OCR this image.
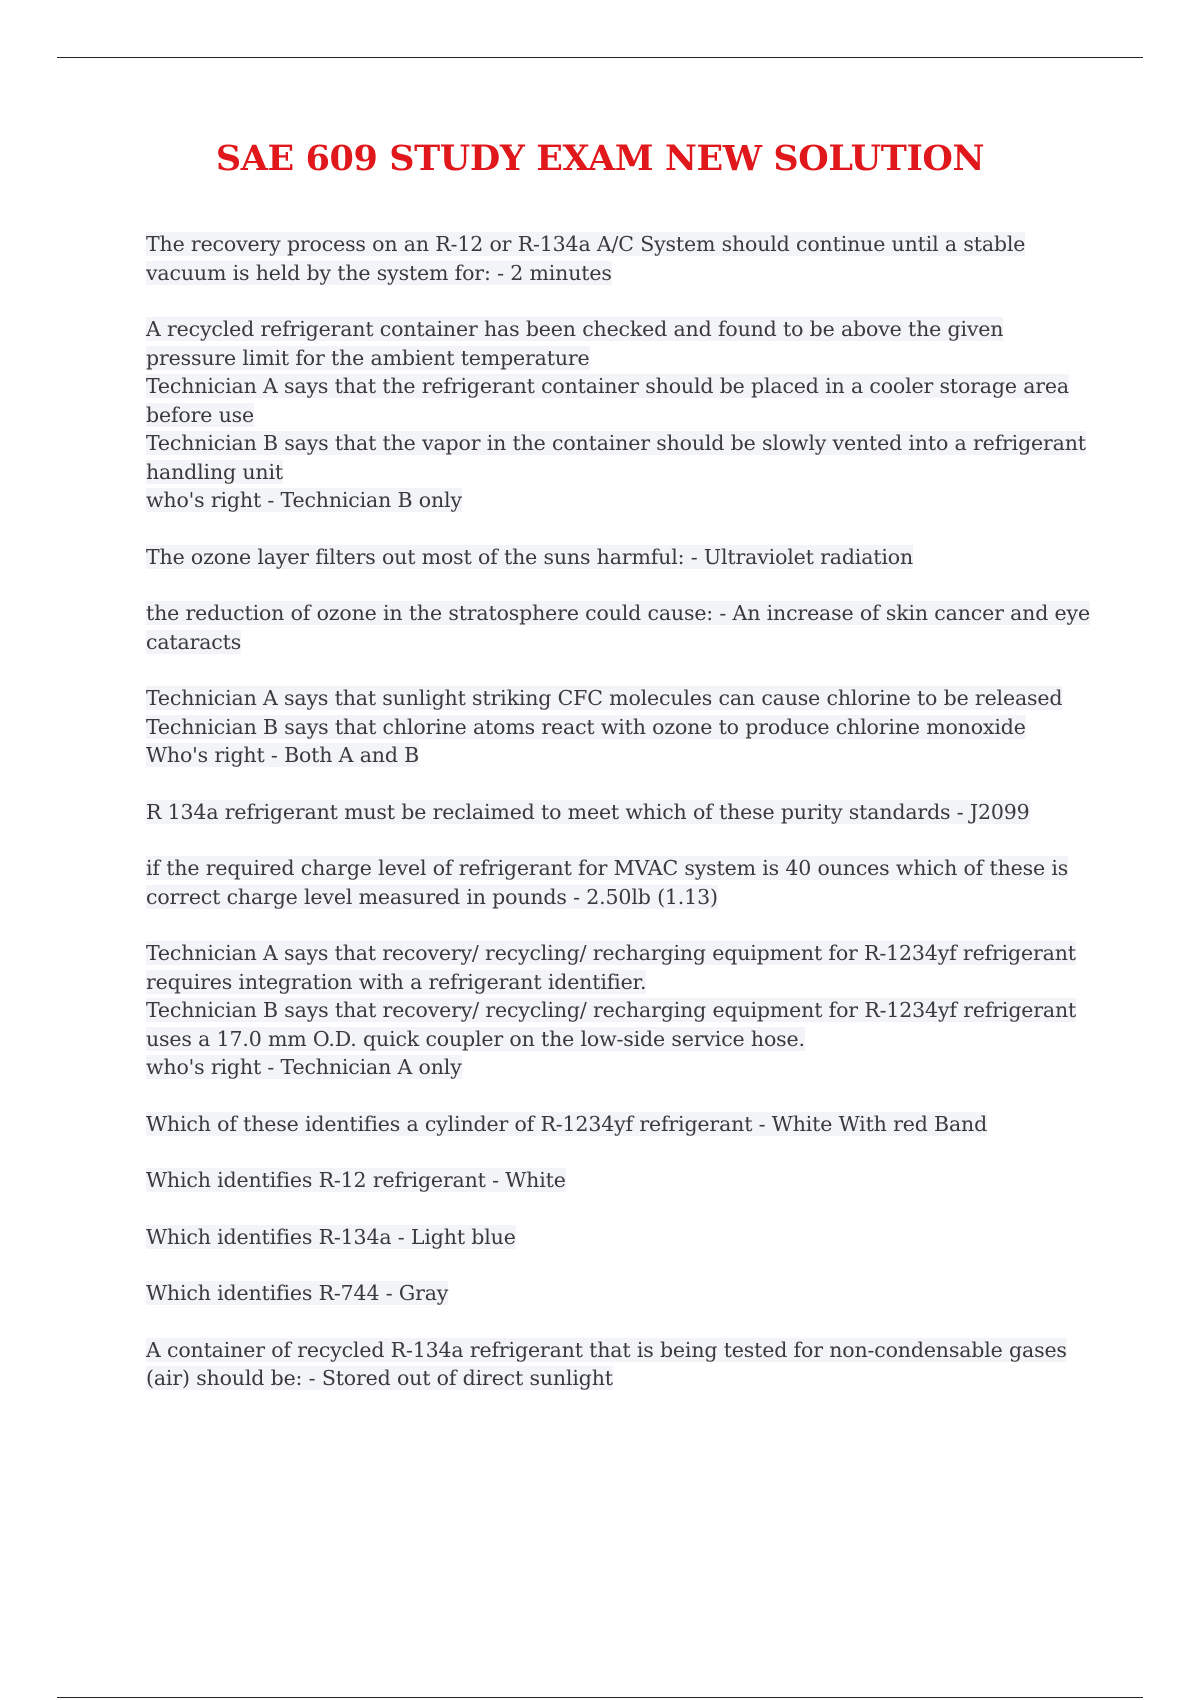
SAE 609 STUDY EXAM NEW SOLUTION
The recovery process on an R-12 or R-134a A/C System should continue until a stable
vacuum is held by the system for: - 2 minutes
A recycled refrigerant container has been checked and found to be above the given
pressure limit for the ambient temperature
Technician A says that the refrigerant container should be placed in a cooler storage area
before use
Technician B says that the vapor in the container should be slowly vented into a refrigerant
handling unit
who's right - Technician B only
The ozone layer filters out most of the suns harmful: - Ultraviolet radiation
the reduction of ozone in the stratosphere could cause: - An increase of skin cancer and eye
cataracts
Technician A says that sunlight striking CFC molecules can cause chlorine to be released
Technician B says that chlorine atoms react with ozone to produce chlorine monoxide
Who's right - Both A and B
R 134a refrigerant must be reclaimed to meet which of these purity standards - J2099
if the required charge level of refrigerant for MVAC system is 40 ounces which of these is
correct charge level measured in pounds - 2.50lb (1.13)
Technician A says that recovery/ recycling/ recharging equipment for R-1234yf refrigerant
requires integration with a refrigerant identifier.
Technician B says that recovery/ recycling/ recharging equipment for R-1234yf refrigerant
uses a 17.0 mm O.D. quick coupler on the low-side service hose.
who's right - Technician A only
Which of these identifies a cylinder of R-1234yf refrigerant - White With red Band
Which identifies R-12 refrigerant - White
Which identifies R-134a - Light blue
Which identifies R-744 - Gray
A container of recycled R-134a refrigerant that is being tested for non-condensable gases
(air) should be: - Stored out of direct sunlight
